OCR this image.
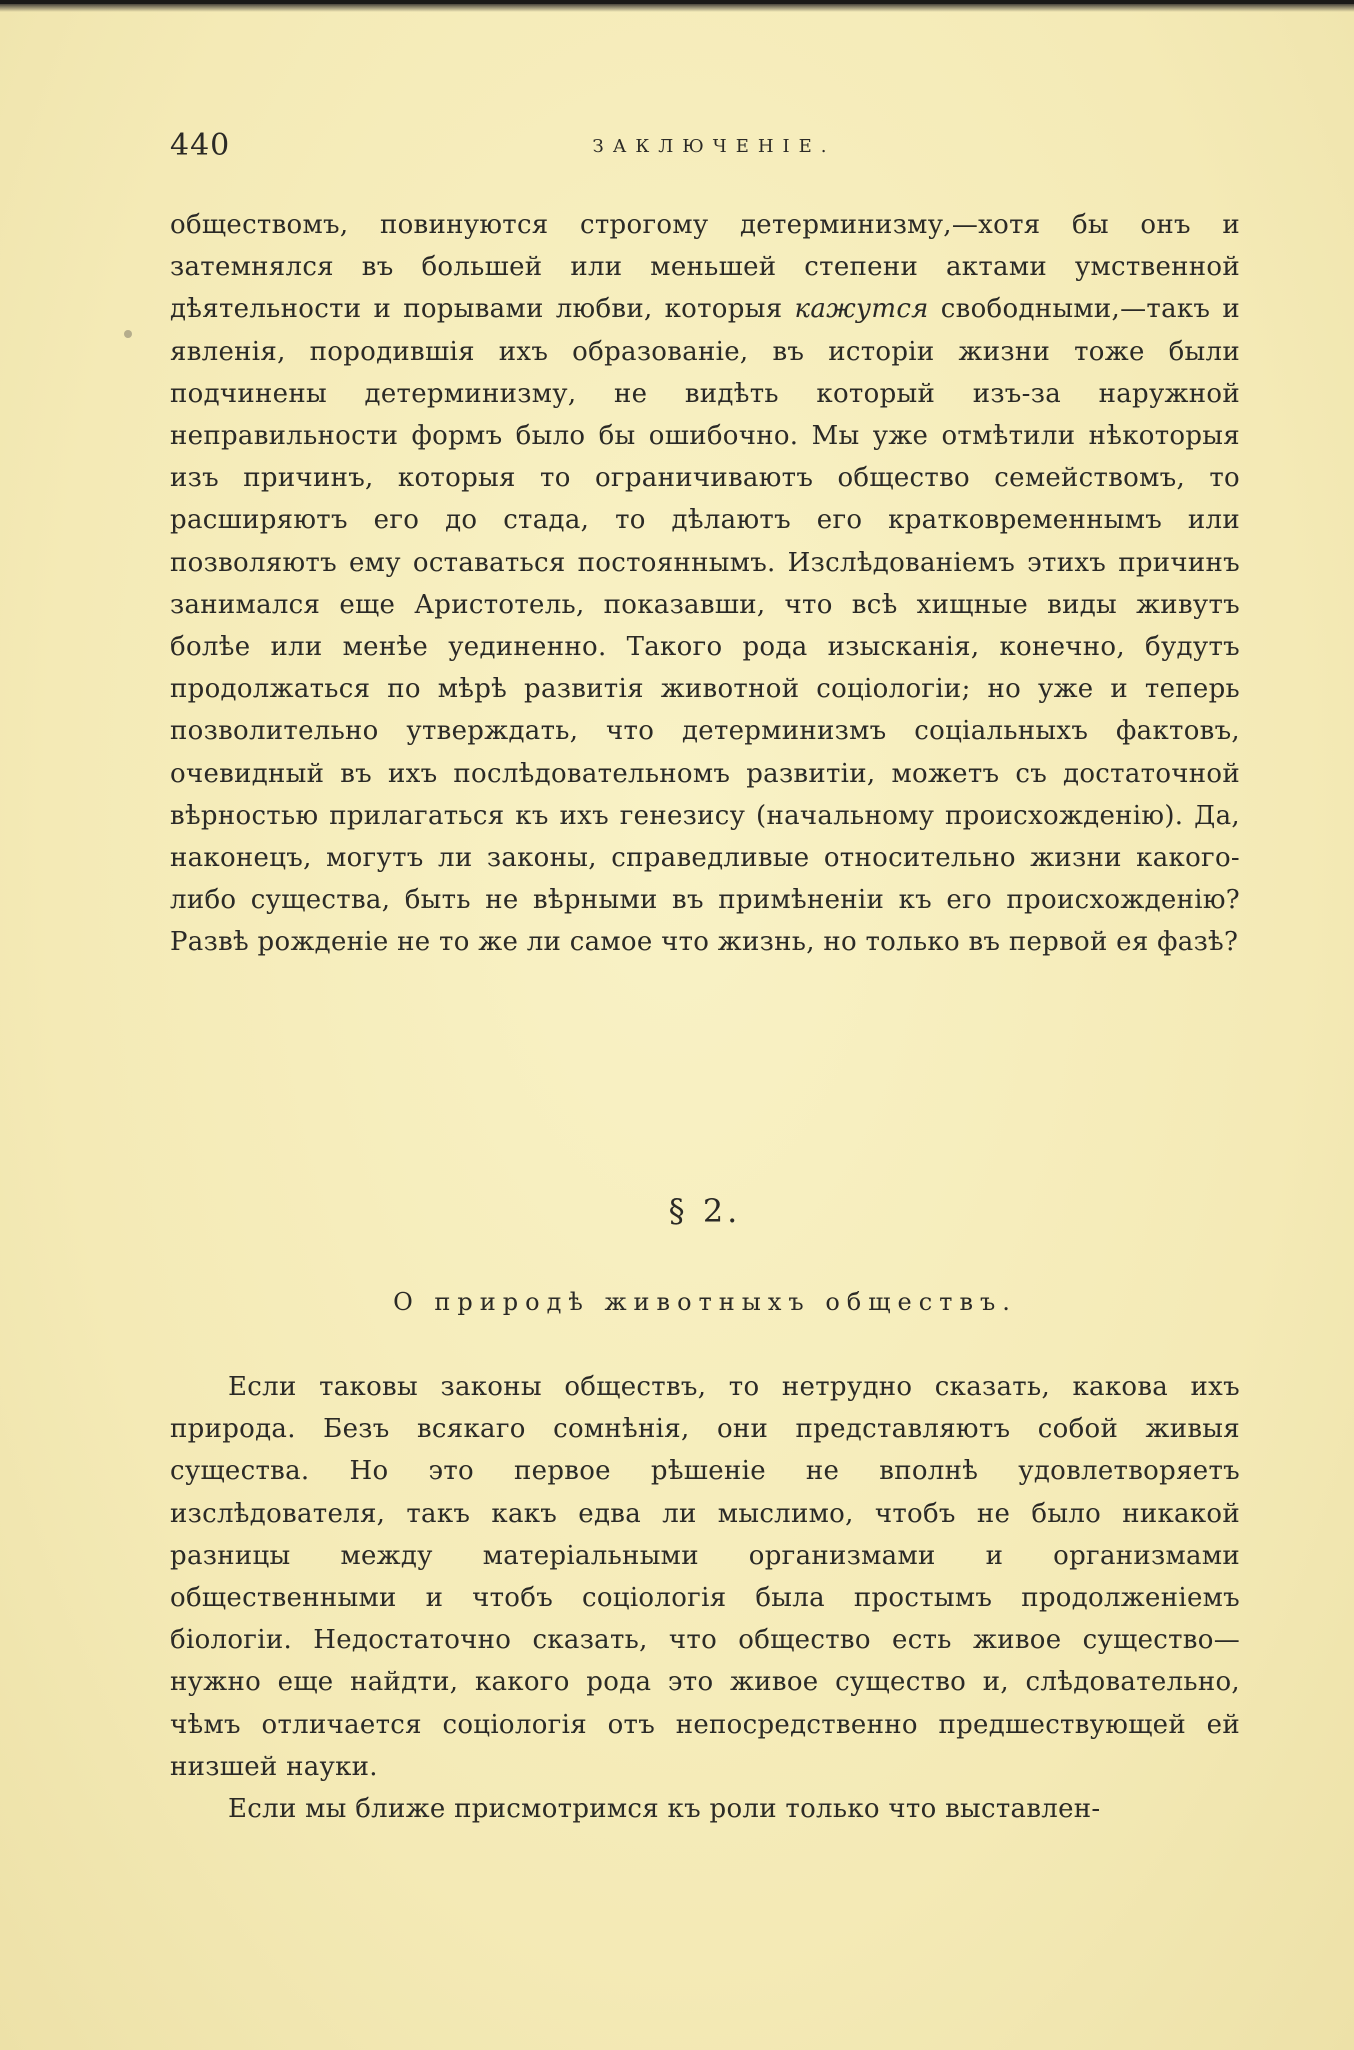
440	ЗАКЛЮЧЕНІЕ.

обществомъ, повинуются строгому детерминизму,—хотя бы онъ и затемнялся въ большей или меньшей степени актами умственной дѣятельности и порывами любви, которыя кажутся свободными,—такъ и явленія, породившія ихъ образованіе, въ исторіи жизни тоже были подчинены детерминизму, не видѣть который изъ-за наружной неправильности формъ было бы ошибочно. Мы уже отмѣтили нѣкоторыя изъ причинъ, которыя то ограничиваютъ общество семействомъ, то расширяютъ его до стада, то дѣлаютъ его кратковременнымъ или позволяютъ ему оставаться постояннымъ. Изслѣдованіемъ этихъ причинъ занимался еще Аристотель, показавши, что всѣ хищные виды живутъ болѣе или менѣе уединенно. Такого рода изысканія, конечно, будутъ продолжаться по мѣрѣ развитія животной соціологіи; но уже и теперь позволительно утверждать, что детерминизмъ соціальныхъ фактовъ, очевидный въ ихъ послѣдовательномъ развитіи, можетъ съ достаточной вѣрностью прилагаться къ ихъ генезису (начальному происхожденію). Да, наконецъ, могутъ ли законы, справедливые относительно жизни какого-либо существа, быть не вѣрными въ примѣненіи къ его происхожденію? Развѣ рожденіе не то же ли самое что жизнь, но только въ первой ея фазѣ?

§ 2.
О природѣ животныхъ обществъ.

Если таковы законы обществъ, то нетрудно сказать, какова ихъ природа. Безъ всякаго сомнѣнія, они представляютъ собой живыя существа. Но это первое рѣшеніе не вполнѣ удовлетворяетъ изслѣдователя, такъ какъ едва ли мыслимо, чтобъ не было никакой разницы между матеріальными организмами и организмами общественными и чтобъ соціологія была простымъ продолженіемъ біологіи. Недостаточно сказать, что общество есть живое существо—нужно еще найдти, какого рода это живое существо и, слѣдовательно, чѣмъ отличается соціологія отъ непосредственно предшествующей ей низшей науки.

Если мы ближе присмотримся къ роли только что выставлен-
